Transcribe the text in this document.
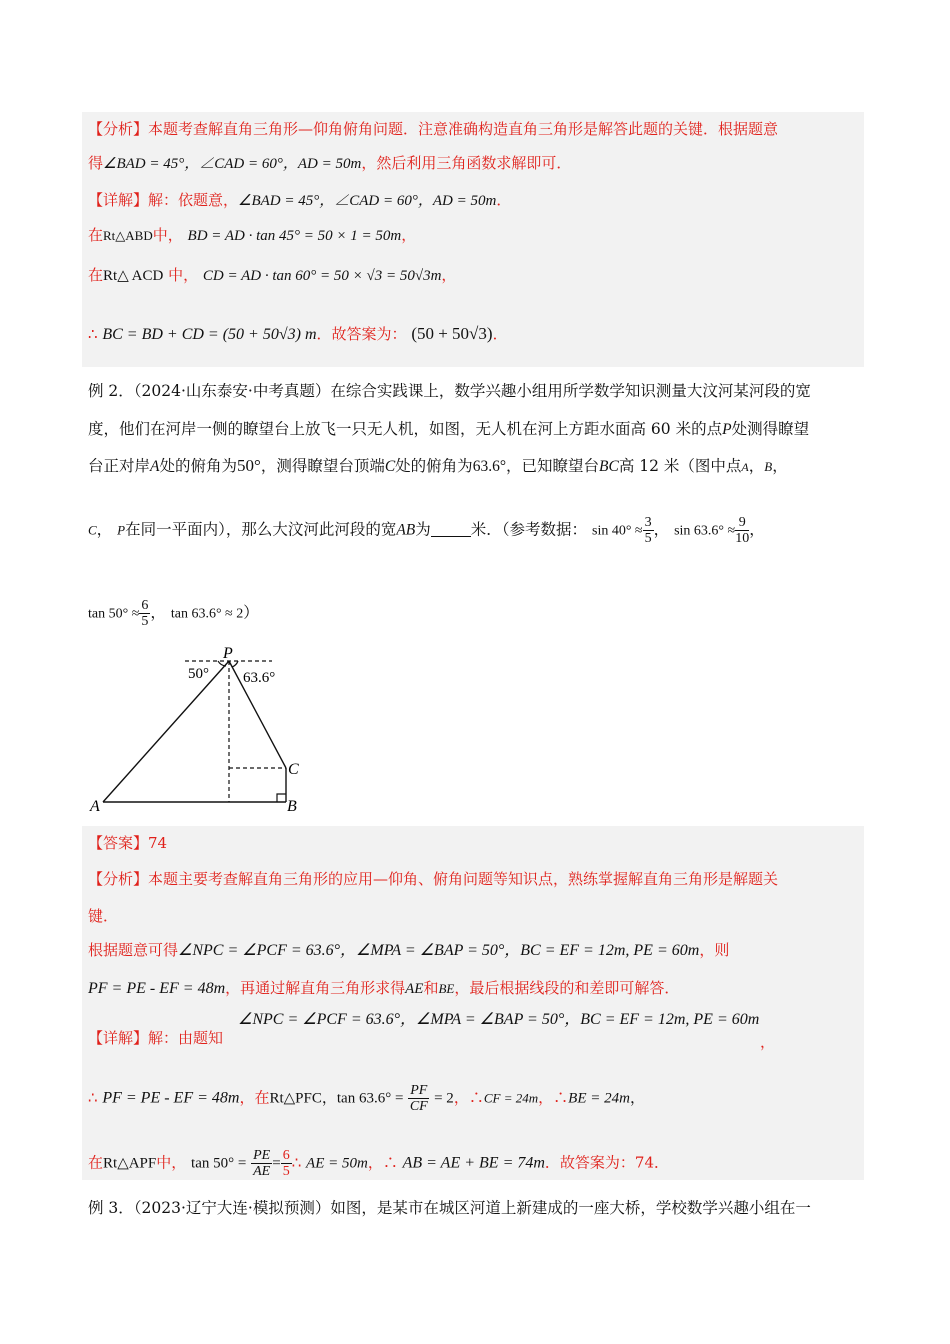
【分析】本题考查解直角三角形—仰角俯角问题．注意准确构造直角三角形是解答此题的关键．根据题意
得∠BAD = 45°，∠CAD = 60°，AD = 50m，然后利用三角函数求解即可．
【详解】解：依题意，∠BAD = 45°，∠CAD = 60°，AD = 50m．
在Rt△ABD中， BD = AD · tan 45° = 50 × 1 = 50m，
在Rt△ ACD 中， CD = AD · tan 60° = 50 × √3 = 50√3m，
∴ BC = BD + CD = (50 + 50√3) m．故答案为： (50 + 50√3)．
例 2．（2024·山东泰安·中考真题）在综合实践课上，数学兴趣小组用所学数学知识测量大汶河某河段的宽
度，他们在河岸一侧的瞭望台上放飞一只无人机，如图，无人机在河上方距水面高 60 米的点P处测得瞭望
台正对岸A处的俯角为50°，测得瞭望台顶端C处的俯角为63.6°，已知瞭望台BC高 12 米（图中点A，B，
C， P在同一平面内），那么大汶河此河段的宽AB为	米．（参考数据： $\sin 40^\circ \approx \frac{3}{5}$ ， $\sin 63.6^\circ \approx \frac{9}{10}$ ，
$\tan 50^\circ \approx \frac{6}{5}$ ， tan 63.6° ≈ 2）
P
A	B
C
50° 63.6°
【答案】74
【分析】本题主要考查解直角三角形的应用—仰角、俯角问题等知识点，熟练掌握解直角三角形是解题关
键．
根据题意可得∠NPC = ∠PCF = 63.6°，∠MPA = ∠BAP = 50°，BC = EF = 12m, PE = 60m，则
PF = PE - EF = 48m，再通过解直角三角形求得AE和BE，最后根据线段的和差即可解答．
∠NPC = ∠PCF = 63.6°，∠MPA = ∠BAP = 50°，BC = EF = 12m, PE = 60m
【详解】解：由题知	，
∴ PF = PE - EF = 48m，在Rt△PFC，$\tan 63.6^\circ = \frac{PF}{CF} = 2$，∴CF = 24m，∴BE = 24m，
在Rt△APF中， $\tan 50^\circ = \frac{PE}{AE} = \frac{6}{5}$ ∴ AE = 50m，∴ AB = AE + BE = 74m．故答案为：74．
例 3．（2023·辽宁大连·模拟预测）如图，是某市在城区河道上新建成的一座大桥，学校数学兴趣小组在一
